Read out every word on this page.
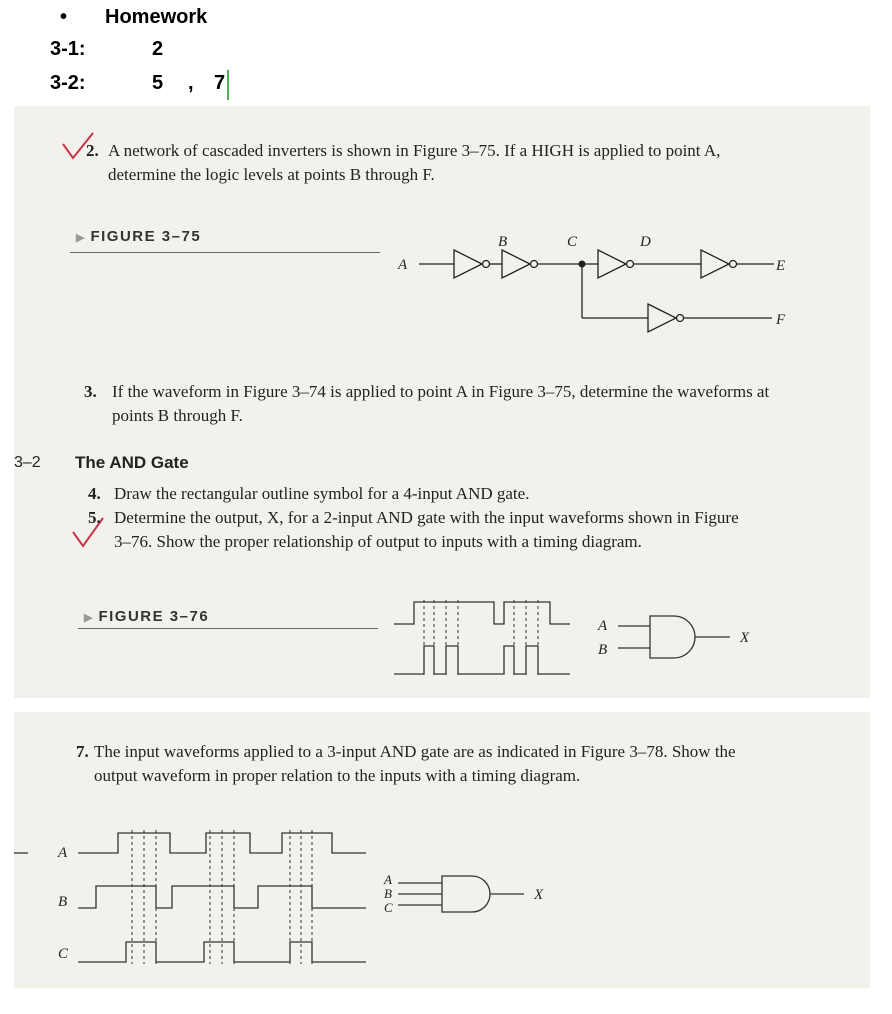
• Homework
3-1:	2
3-2:	5 , 7
2. A network of cascaded inverters is shown in Figure 3–75. If a HIGH is applied to point A,
determine the logic levels at points B through F.
▶ FIGURE 3–75
A
B	C	D
E
F
3. If the waveform in Figure 3–74 is applied to point A in Figure 3–75, determine the waveforms at
points B through F.
3–2 The AND Gate
4. Draw the rectangular outline symbol for a 4-input AND gate.
5. Determine the output, X, for a 2-input AND gate with the input waveforms shown in Figure
3–76. Show the proper relationship of output to inputs with a timing diagram.
▶ FIGURE 3–76
A
B
X
7. The input waveforms applied to a 3-input AND gate are as indicated in Figure 3–78. Show the
output waveform in proper relation to the inputs with a timing diagram.
A
B
C
A
B
C
X
